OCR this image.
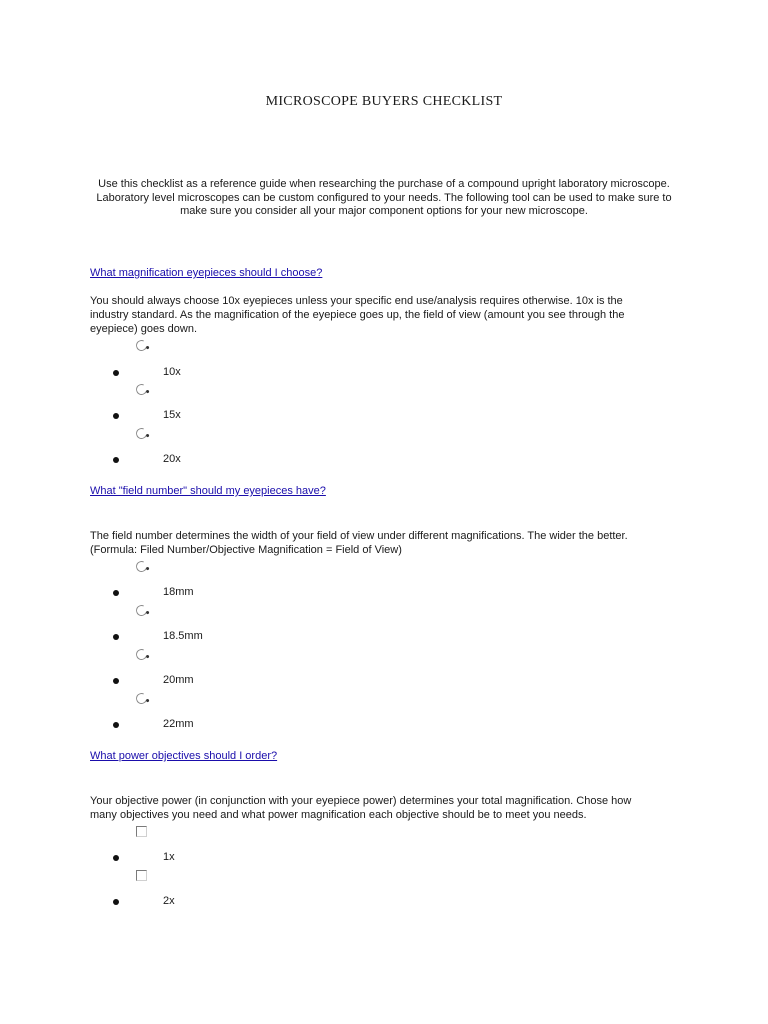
MICROSCOPE BUYERS CHECKLIST
Use this checklist as a reference guide when researching the purchase of a compound upright laboratory microscope. Laboratory level microscopes can be custom configured to your needs. The following tool can be used to make sure to make sure you consider all your major component options for your new microscope.
What magnification eyepieces should I choose?
You should always choose 10x eyepieces unless your specific end use/analysis requires otherwise. 10x is the industry standard. As the magnification of the eyepiece goes up, the field of view (amount you see through the eyepiece) goes down.
10x
15x
20x
What "field number" should my eyepieces have?
The field number determines the width of your field of view under different magnifications. The wider the better. (Formula: Filed Number/Objective Magnification = Field of View)
18mm
18.5mm
20mm
22mm
What power objectives should I order?
Your objective power (in conjunction with your eyepiece power) determines your total magnification. Chose how many objectives you need and what power magnification each objective should be to meet you needs.
1x
2x
